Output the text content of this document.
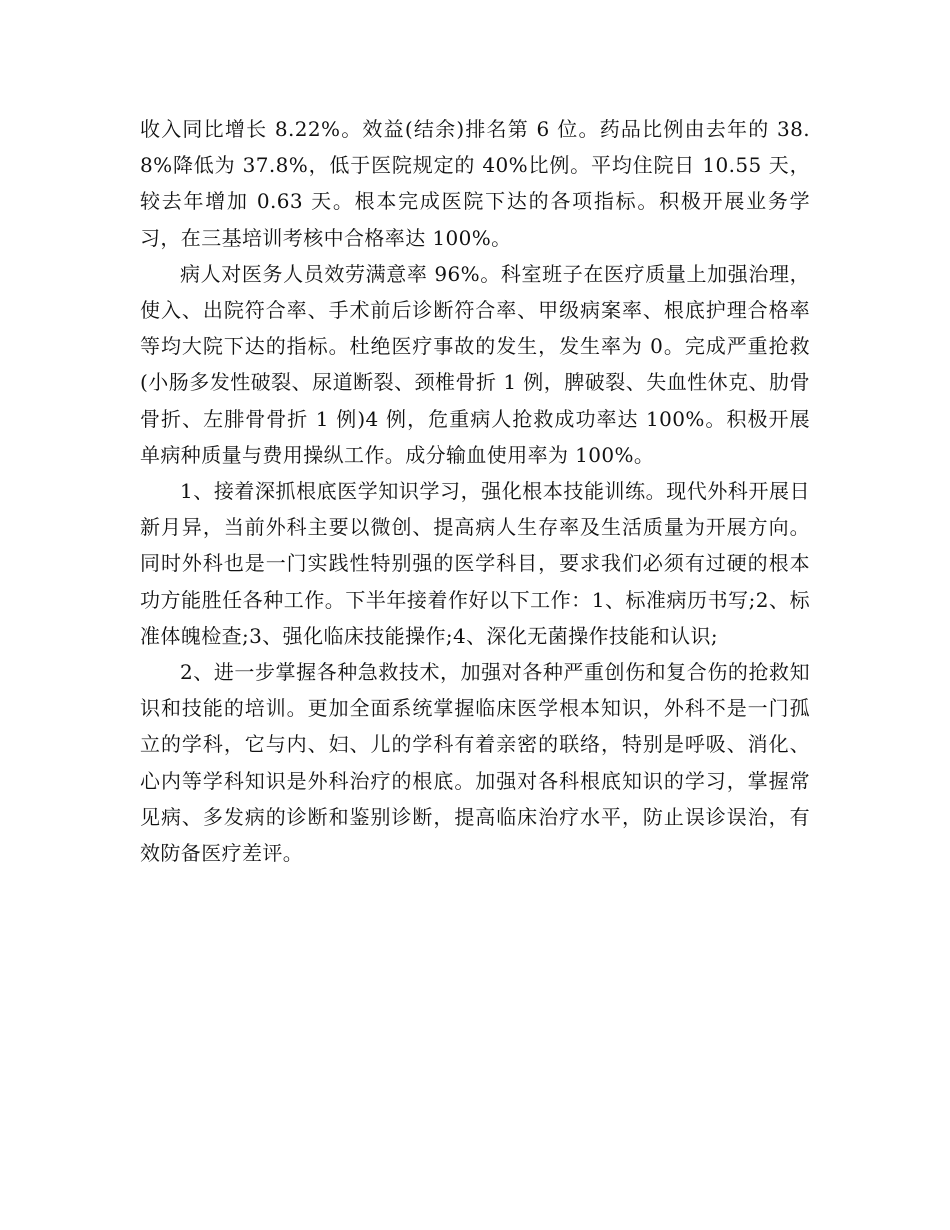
收入同比增长 8.22%。效益(结余)排名第 6 位。药品比例由去年的 38.8%降低为 37.8%，低于医院规定的 40%比例。平均住院日 10.55 天，较去年增加 0.63 天。根本完成医院下达的各项指标。积极开展业务学习，在三基培训考核中合格率达 100%。

病人对医务人员效劳满意率 96%。科室班子在医疗质量上加强治理，使入、出院符合率、手术前后诊断符合率、甲级病案率、根底护理合格率等均大院下达的指标。杜绝医疗事故的发生，发生率为 0。完成严重抢救(小肠多发性破裂、尿道断裂、颈椎骨折 1 例，脾破裂、失血性休克、肋骨骨折、左腓骨骨折 1 例)4 例，危重病人抢救成功率达 100%。积极开展单病种质量与费用操纵工作。成分输血使用率为 100%。

1、接着深抓根底医学知识学习，强化根本技能训练。现代外科开展日新月异，当前外科主要以微创、提高病人生存率及生活质量为开展方向。同时外科也是一门实践性特别强的医学科目，要求我们必须有过硬的根本功方能胜任各种工作。下半年接着作好以下工作：1、标准病历书写;2、标准体魄检查;3、强化临床技能操作;4、深化无菌操作技能和认识;

2、进一步掌握各种急救技术，加强对各种严重创伤和复合伤的抢救知识和技能的培训。更加全面系统掌握临床医学根本知识，外科不是一门孤立的学科，它与内、妇、儿的学科有着亲密的联络，特别是呼吸、消化、心内等学科知识是外科治疗的根底。加强对各科根底知识的学习，掌握常见病、多发病的诊断和鉴别诊断，提高临床治疗水平，防止误诊误治，有效防备医疗差评。
